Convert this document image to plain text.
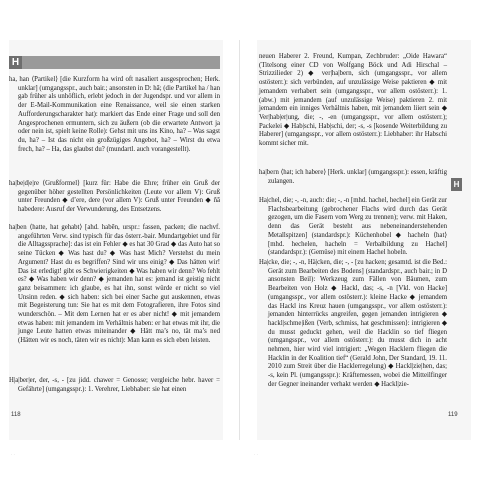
H
H

ha, han ⟨Partikel⟩ [die Kurzform ha wird oft nasaliert ausgesprochen; Herk. unklar] (umgangsspr., auch bair.; ansonsten in D: hā; (die Partikel ha / han gab früher als unhöflich, erlebt jedoch in der Jugendspr. und vor allem in der E-Mail-Kommunikation eine Renaissance, weil sie einen starken Aufforderungscharakter hat): markiert das Ende einer Frage und soll den Angesprochenen ermuntern, sich zu äußern (ob die erwartete Antwort ja oder nein ist, spielt keine Rolle): Gehst mit uns ins Kino, ha? – Was sagst du, ha? – Ist das nicht ein großzügiges Angebot, ha? – Wirst du etwa frech, ha? – Ha, das glaubst du? (mundartl. auch vorangestellt).

ha|be|d|e|re ⟨Grußformel⟩ [kurz für: Habe die Ehre; früher ein Gruß der gegenüber höher gestellten Persönlichkeiten (Leute vor allem V): Gruß unter Freunden ◆ d’ere, dere (vor allem V): Gruß unter Freunden ◆ ñā habedere: Ausruf der Verwunderung, des Entsetzens.

ha|ben ⟨hatte, hat gehabt⟩ [ahd. habēn, urspr.: fassen, packen; die nachvf. angeführten Verw. sind typisch für das österr.-bair. Mundartgebiet und für die Alltagssprache]: das ist ein Fehler ◆ es hat 30 Grad ◆ das Auto hat so seine Tücken ◆ Was hast du? ◆ Was hast Mich? Verstehst du mein Argument? Hast du es begriffen? Sind wir uns einig? ◆ Das hätten wir! Das ist erledigt! gibt es Schwierigkeiten ◆ Was haben wir denn? Wo fehlt es? ◆ Was haben wir denn? ◆ jemanden hat es: jemand ist geistig nicht ganz beisammen: ich glaube, es hat ihn, sonst würde er nicht so viel Unsinn reden. ◆ sich haben: sich bei einer Sache gut auskennen, etwas mit Begeisterung tun: Sie hat es mit dem Fotografieren, ihre Fotos sind wunderschön. – Mit dem Lernen hat er es aber nicht! ◆ mit jemandem etwas haben: mit jemandem im Verhältnis haben: er hat etwas mit ihr, die junge Leute hatten etwas miteinander ◆ Hätt ma’s no, tät ma’s ned (Hätten wir es noch, täten wir es nicht): Man kann es sich eben leisten.

H|a|ber|er, der, -s, - [zu jidd. chawer = Genosse; vergleiche hebr. haver = Gefährte] (umgangsspr.): 1. Verehrer, Liebhaber: sie hat einen

neuen Haberer 2. Freund, Kumpan, Zechbruder: „Oide Hawara“ (Titelsong einer CD von Wolfgang Böck und Adi Hirschal – Strizzilieder 2) ◆ ver|ha|bern, sich (umgangsspr., vor allem ostösterr.): sich verbünden, auf unzulässige Weise paktieren ◆ mit jemandem verhabert sein (umgangsspr., vor allem ostösterr.): 1. (abw.) mit jemandem (auf unzulässige Weise) paktieren 2. mit jemandem ein inniges Verhältnis haben, mit jemandem liiert sein ◆ Ver|hab|er|ung, die; -, -en (umgangsspr., vor allem ostösterr.); Packelei ◆ Hab|schi, Hab|schi, der; -s, -s [kosende Weiterbildung zu Haberer] (umgangsspr., vor allem ostösterr.): Liebhaber: ihr Habschi kommt sicher mit.

ha|bern ⟨hat; ich habere⟩ [Herk. unklar] (umgangsspr.): essen, kräftig zulangen.

Ha|chel, die; -, -n, auch: die; -, -n [mhd. hachel, hechel] ein Gerät zur Flachsbearbeitung (gebrochener Flachs wird durch das Gerät gezogen, um die Fasern vom Werg zu trennen); verw. mit Haken, denn das Gerät besteht aus nebeneinanderstehenden Metallspitzen] (standardspr.): Küchenhobel ◆ hacheln ⟨hat⟩ [mhd. hechelen, hacheln = Verbalbildung zu Hachel] (standardspr.): (Gemüse) mit einem Hachel hobeln.

Ha|cke, die; -, -n, Hä|cken, die; -, - [zu hacken; gesamtd. ist die Bed.: Gerät zum Bearbeiten des Bodens] (standardspr., auch bair.; in D ansonsten Beil): Werkzeug zum Fällen von Bäumen, zum Bearbeiten von Holz ◆ Hackl, das; -s, -n [Vkl. von Hacke] (umgangsspr., vor allem ostösterr.): kleine Hacke ◆ jemandem das Hackl ins Kreuz hauen (umgangsspr., vor allem ostösterr.): jemanden hinterrücks angreifen, gegen jemanden intrigieren ◆ hackl|schme|ißen ⟨Verb, schmiss, hat geschmissen⟩: intrigieren ◆ du musst geduckt gehen, weil die Hacklin so tief fliegen (umgangsspr., vor allem ostösterr.): du musst dich in acht nehmen, hier wird viel intrigiert: „Wegen Hacklern fliegen die Hacklin in der Koalition tief“ (Gerald John, Der Standard, 19. 11. 2010 zum Streit über die Hacklerregelung) ◆ Hackl|zie|hen, das; -s, kein Pl. (umgangsspr.): Kräftemessen, wobei die Mitteilfinger der Gegner ineinander verhakt werden ◆ Hackl|zie-

118	119
· ·	· ·
